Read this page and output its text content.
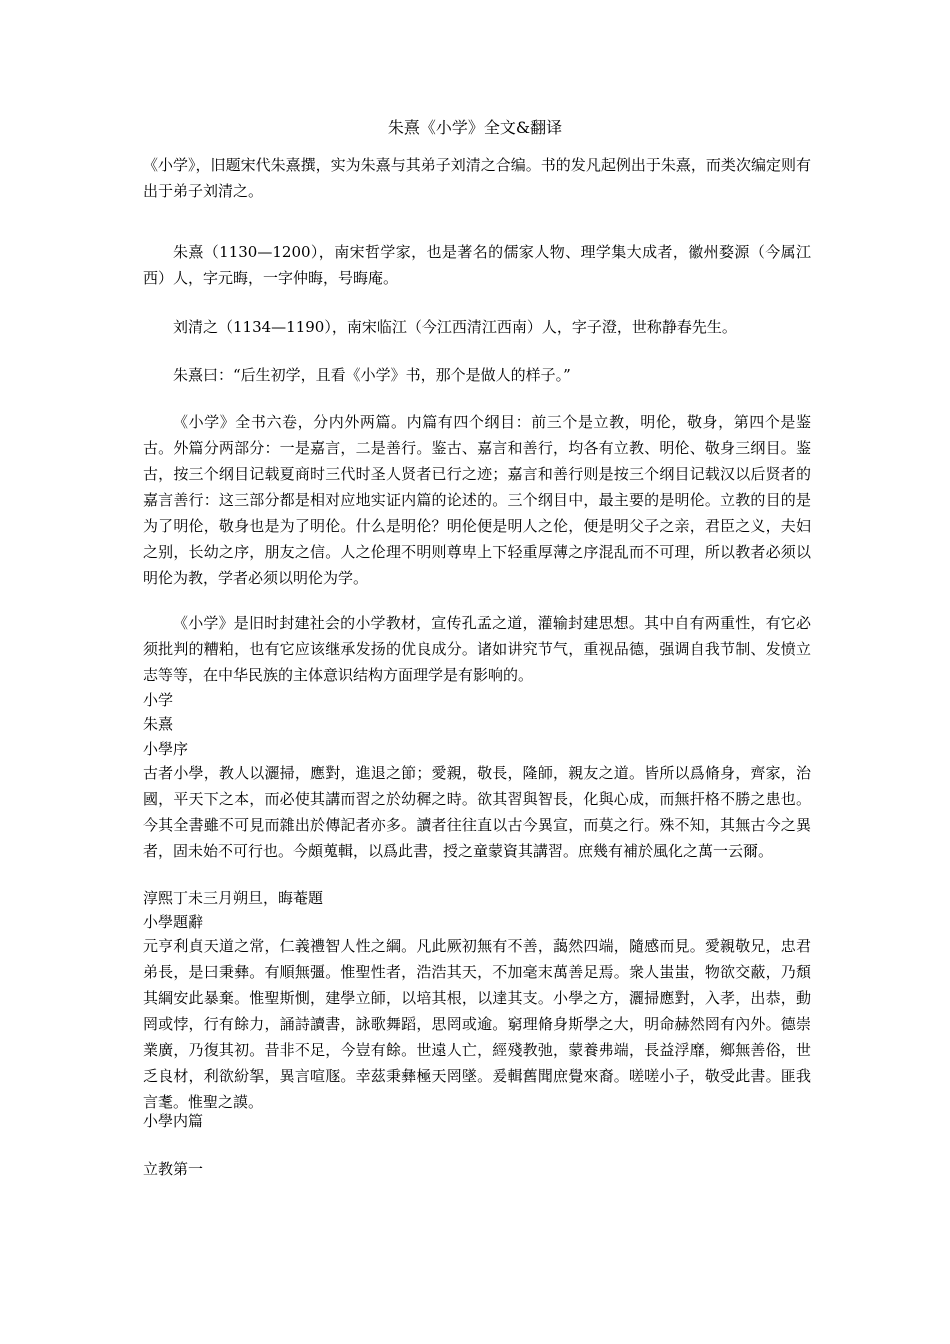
朱熹《小学》全文&翻译

《小学》，旧题宋代朱熹撰，实为朱熹与其弟子刘清之合编。书的发凡起例出于朱熹，而类次编定则有出于弟子刘清之。

朱熹（1130—1200），南宋哲学家，也是著名的儒家人物、理学集大成者，徽州婺源（今属江西）人，字元晦，一字仲晦，号晦庵。

刘清之（1134—1190），南宋临江（今江西清江西南）人，字子澄，世称静春先生。

朱熹曰：“后生初学，且看《小学》书，那个是做人的样子。”

《小学》全书六卷，分内外两篇。内篇有四个纲目：前三个是立教，明伦，敬身，第四个是鉴古。外篇分两部分：一是嘉言，二是善行。鉴古、嘉言和善行，均各有立教、明伦、敬身三纲目。鉴古，按三个纲目记载夏商时三代时圣人贤者已行之迹；嘉言和善行则是按三个纲目记载汉以后贤者的嘉言善行：这三部分都是相对应地实证内篇的论述的。三个纲目中，最主要的是明伦。立教的目的是为了明伦，敬身也是为了明伦。什么是明伦？明伦便是明人之伦，便是明父子之亲，君臣之义，夫妇之别，长幼之序，朋友之信。人之伦理不明则尊卑上下轻重厚薄之序混乱而不可理，所以教者必须以明伦为教，学者必须以明伦为学。

《小学》是旧时封建社会的小学教材，宣传孔孟之道，灌输封建思想。其中自有两重性，有它必须批判的糟粕，也有它应该继承发扬的优良成分。诸如讲究节气，重视品德，强调自我节制、发愤立志等等，在中华民族的主体意识结构方面理学是有影响的。

小学
朱熹
小學序

古者小學，教人以灑掃，應對，進退之節；愛親，敬長，隆師，親友之道。皆所以爲脩身，齊家，治國，平天下之本，而必使其講而習之於幼穉之時。欲其習與智長，化與心成，而無扞格不勝之患也。今其全書雖不可見而雜出於傳記者亦多。讀者往往直以古今異宣，而莫之行。殊不知，其無古今之異者，固未始不可行也。今頗蒐輯，以爲此書，授之童蒙資其講習。庶幾有補於風化之萬一云爾。

淳熙丁未三月朔旦，晦菴題
小學題辭

元亨利貞天道之常，仁義禮智人性之綱。凡此厥初無有不善，藹然四端，隨感而見。愛親敬兄，忠君弟長，是曰秉彝。有順無彊。惟聖性者，浩浩其天，不加毫末萬善足焉。衆人蚩蚩，物欲交蔽，乃頹其綱安此暴棄。惟聖斯惻，建學立師，以培其根，以達其支。小學之方，灑掃應對，入孝，出恭，動罔或悖，行有餘力，誦詩讀書，詠歌舞蹈，思罔或逾。窮理脩身斯學之大，明命赫然罔有內外。德崇業廣，乃復其初。昔非不足，今豈有餘。世遠人亡，經殘教弛，蒙養弗端，長益浮靡，鄉無善俗，世乏良材，利欲紛挐，異言喧豗。幸茲秉彝極天罔墜。爰輯舊聞庶覺來裔。嗟嗟小子，敬受此書。匪我言耄。惟聖之謨。

小學内篇
立教第一
